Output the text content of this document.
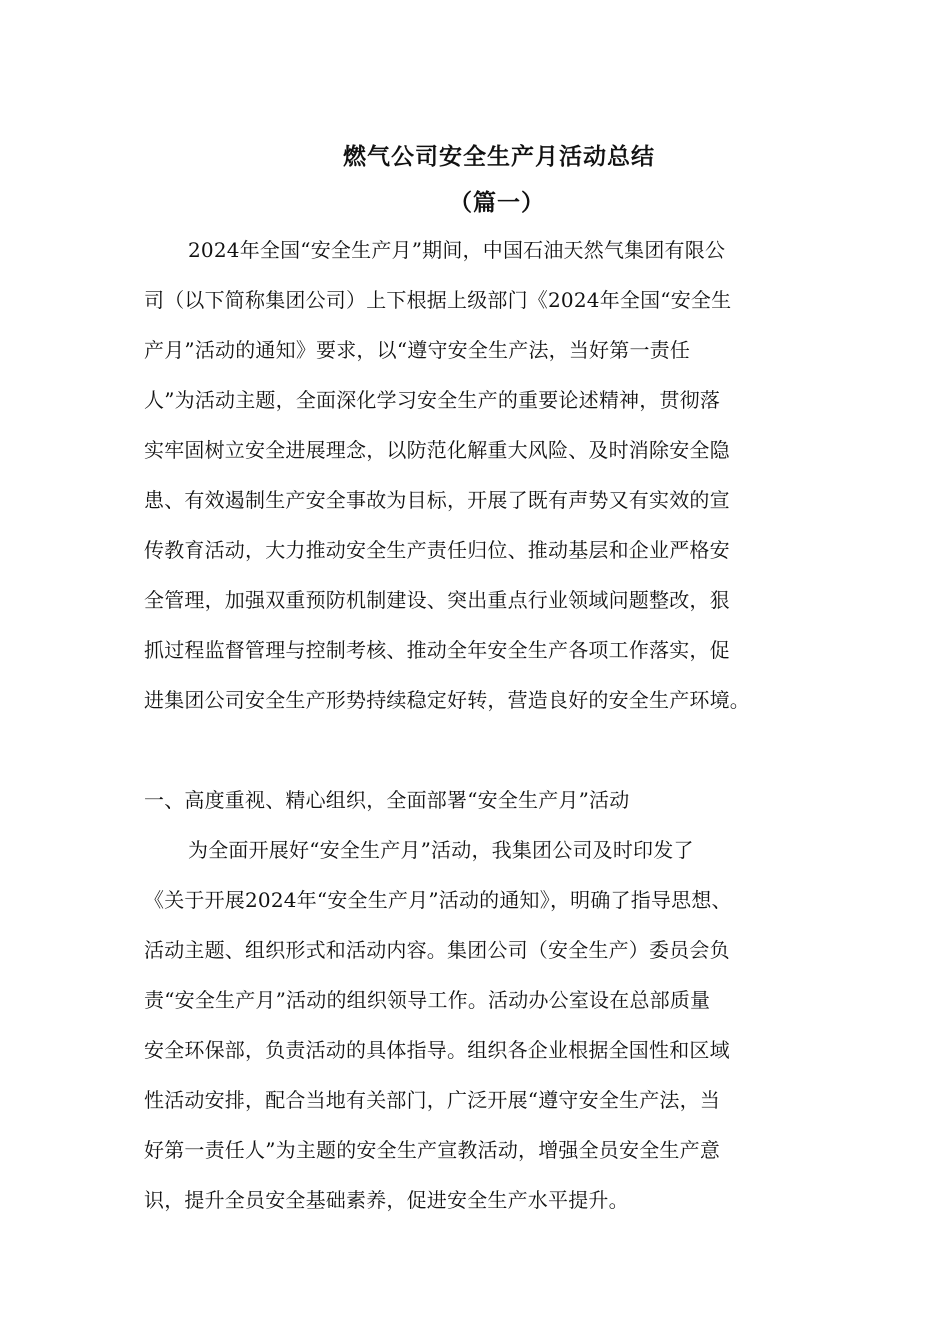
燃气公司安全生产月活动总结
（篇一）
2024年全国“安全生产月”期间，中国石油天然气集团有限公
司（以下简称集团公司）上下根据上级部门《2024年全国“安全生
产月”活动的通知》要求，以“遵守安全生产法，当好第一责任
人”为活动主题，全面深化学习安全生产的重要论述精神，贯彻落
实牢固树立安全进展理念，以防范化解重大风险、及时消除安全隐
患、有效遏制生产安全事故为目标，开展了既有声势又有实效的宣
传教育活动，大力推动安全生产责任归位、推动基层和企业严格安
全管理，加强双重预防机制建设、突出重点行业领域问题整改，狠
抓过程监督管理与控制考核、推动全年安全生产各项工作落实，促
进集团公司安全生产形势持续稳定好转，营造良好的安全生产环境。
一、高度重视、精心组织，全面部署“安全生产月”活动
为全面开展好“安全生产月”活动，我集团公司及时印发了
《关于开展2024年“安全生产月”活动的通知》，明确了指导思想、
活动主题、组织形式和活动内容。集团公司（安全生产）委员会负
责“安全生产月”活动的组织领导工作。活动办公室设在总部质量
安全环保部，负责活动的具体指导。组织各企业根据全国性和区域
性活动安排，配合当地有关部门，广泛开展“遵守安全生产法，当
好第一责任人”为主题的安全生产宣教活动，增强全员安全生产意
识，提升全员安全基础素养，促进安全生产水平提升。
